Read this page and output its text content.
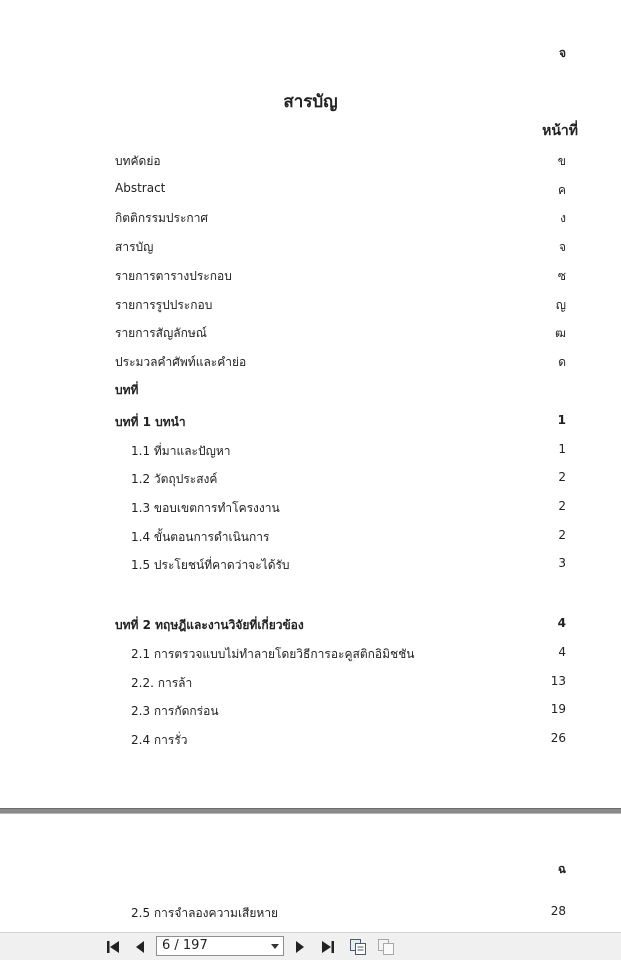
จ
สารบัญ
หน้าที่
บทคัดย่อ	ข
Abstract	ค
กิตติกรรมประกาศ	ง
สารบัญ	จ
รายการตารางประกอบ	ซ
รายการรูปประกอบ	ญ
รายการสัญลักษณ์	ฒ
ประมวลคำศัพท์และคำย่อ	ด
บทที่
บทที่ 1 บทนำ	1
1.1 ที่มาและปัญหา	1
1.2 วัตถุประสงค์	2
1.3 ขอบเขตการทำโครงงาน	2
1.4 ขั้นตอนการดำเนินการ	2
1.5 ประโยชน์ที่คาดว่าจะได้รับ	3
บทที่ 2 ทฤษฎีและงานวิจัยที่เกี่ยวข้อง	4
2.1 การตรวจแบบไม่ทำลายโดยวิธีการอะคูสติกอิมิชชัน	4
2.2. การล้า	13
2.3 การกัดกร่อน	19
2.4 การรั่ว	26
ฉ
2.5 การจำลองความเสียหาย	28
6 / 197
